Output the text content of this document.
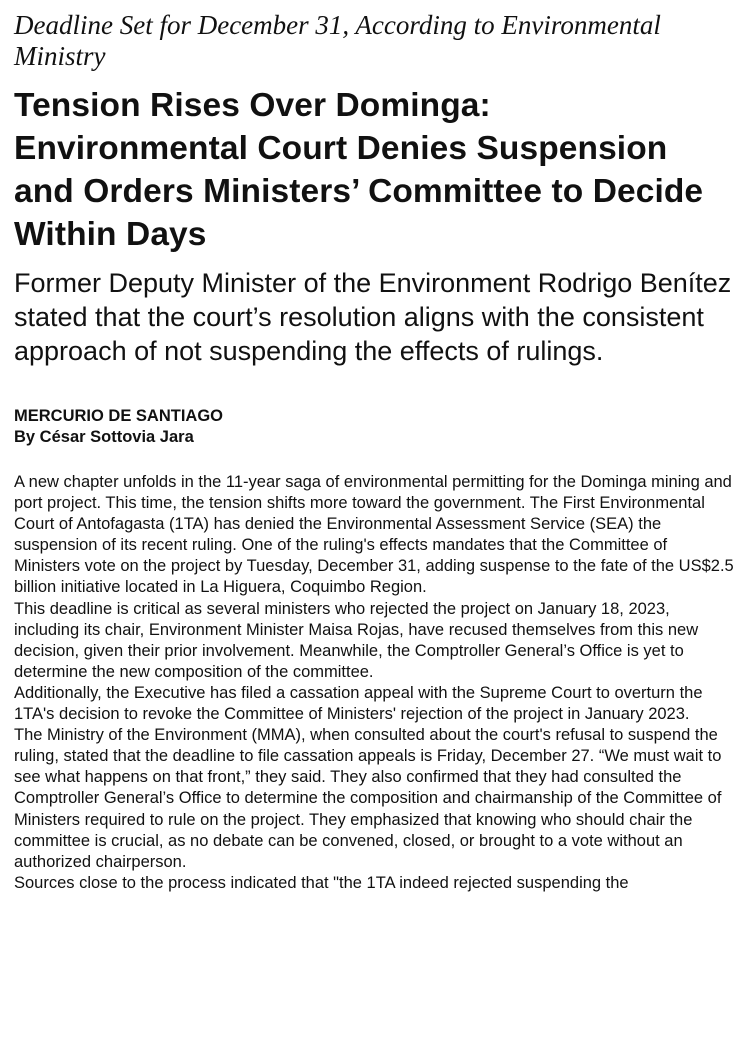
Deadline Set for December 31, According to Environmental Ministry
Tension Rises Over Dominga: Environmental Court Denies Suspension and Orders Ministers’ Committee to Decide Within Days
Former Deputy Minister of the Environment Rodrigo Benítez stated that the court’s resolution aligns with the consistent approach of not suspending the effects of rulings.
MERCURIO DE SANTIAGO
By César Sottovia Jara

A new chapter unfolds in the 11-year saga of environmental permitting for the Dominga mining and port project. This time, the tension shifts more toward the government. The First Environmental Court of Antofagasta (1TA) has denied the Environmental Assessment Service (SEA) the suspension of its recent ruling. One of the ruling's effects mandates that the Committee of Ministers vote on the project by Tuesday, December 31, adding suspense to the fate of the US$2.5 billion initiative located in La Higuera, Coquimbo Region.

This deadline is critical as several ministers who rejected the project on January 18, 2023, including its chair, Environment Minister Maisa Rojas, have recused themselves from this new decision, given their prior involvement. Meanwhile, the Comptroller General’s Office is yet to determine the new composition of the committee.

Additionally, the Executive has filed a cassation appeal with the Supreme Court to overturn the 1TA's decision to revoke the Committee of Ministers' rejection of the project in January 2023.

The Ministry of the Environment (MMA), when consulted about the court's refusal to suspend the ruling, stated that the deadline to file cassation appeals is Friday, December 27. “We must wait to see what happens on that front,” they said. They also confirmed that they had consulted the Comptroller General’s Office to determine the composition and chairmanship of the Committee of Ministers required to rule on the project. They emphasized that knowing who should chair the committee is crucial, as no debate can be convened, closed, or brought to a vote without an authorized chairperson.

Sources close to the process indicated that "the 1TA indeed rejected suspending the
